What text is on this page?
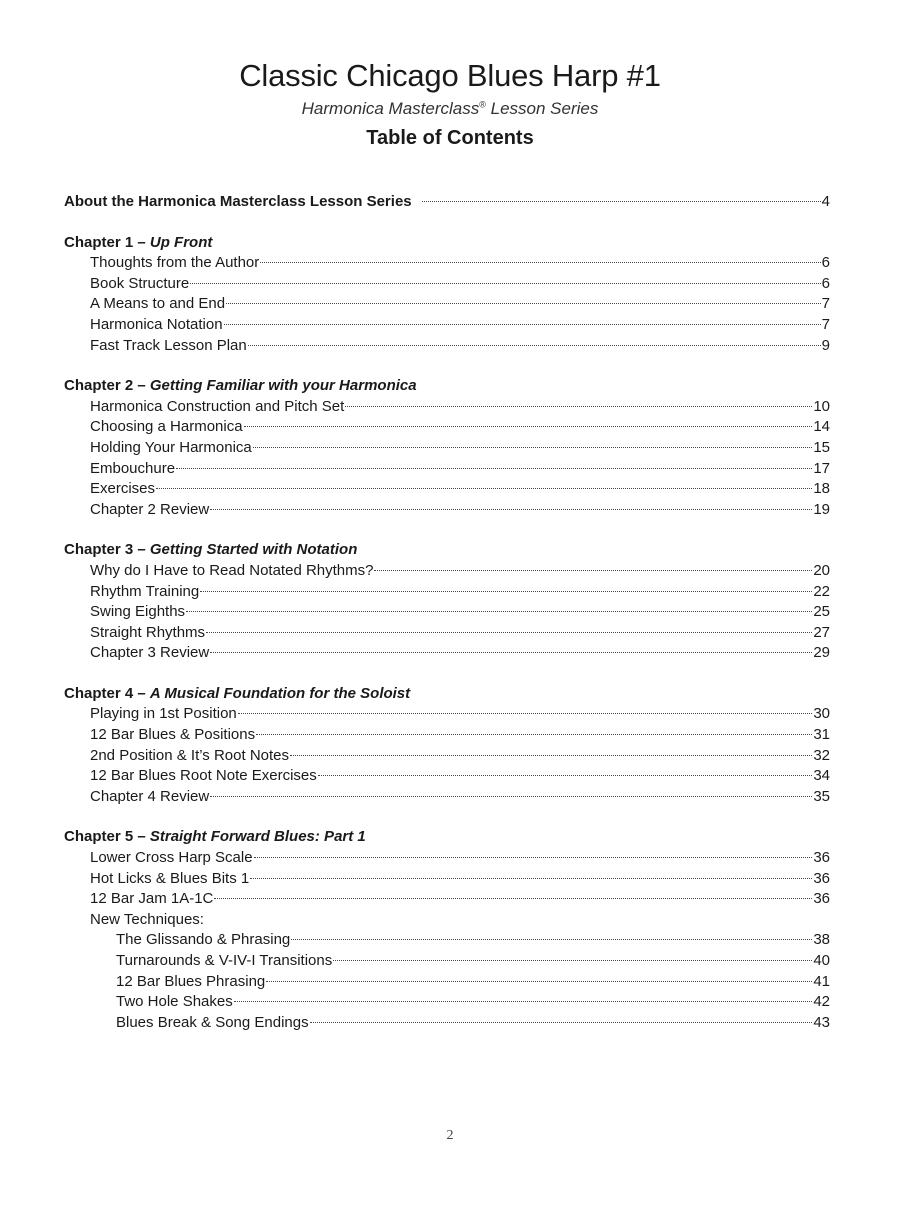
Classic Chicago Blues Harp #1
Harmonica Masterclass® Lesson Series
Table of Contents
About the Harmonica Masterclass Lesson Series	4
Chapter 1 – Up Front
Thoughts from the Author	6
Book Structure	6
A Means to and End	7
Harmonica Notation	7
Fast Track Lesson Plan	9
Chapter 2 – Getting Familiar with your Harmonica
Harmonica Construction and Pitch Set	10
Choosing a Harmonica	14
Holding Your Harmonica	15
Embouchure	17
Exercises	18
Chapter 2 Review	19
Chapter 3 – Getting Started with Notation
Why do I Have to Read Notated Rhythms?	20
Rhythm Training	22
Swing Eighths	25
Straight Rhythms	27
Chapter 3 Review	29
Chapter 4 – A Musical Foundation for the Soloist
Playing in 1st Position	30
12 Bar Blues & Positions	31
2nd Position & It’s Root Notes	32
12 Bar Blues Root Note Exercises	34
Chapter 4 Review	35
Chapter 5 – Straight Forward Blues: Part 1
Lower Cross Harp Scale	36
Hot Licks & Blues Bits 1	36
12 Bar Jam 1A-1C	36
New Techniques:
The Glissando & Phrasing	38
Turnarounds & V-IV-I Transitions	40
12 Bar Blues Phrasing	41
Two Hole Shakes	42
Blues Break & Song Endings	43
2
